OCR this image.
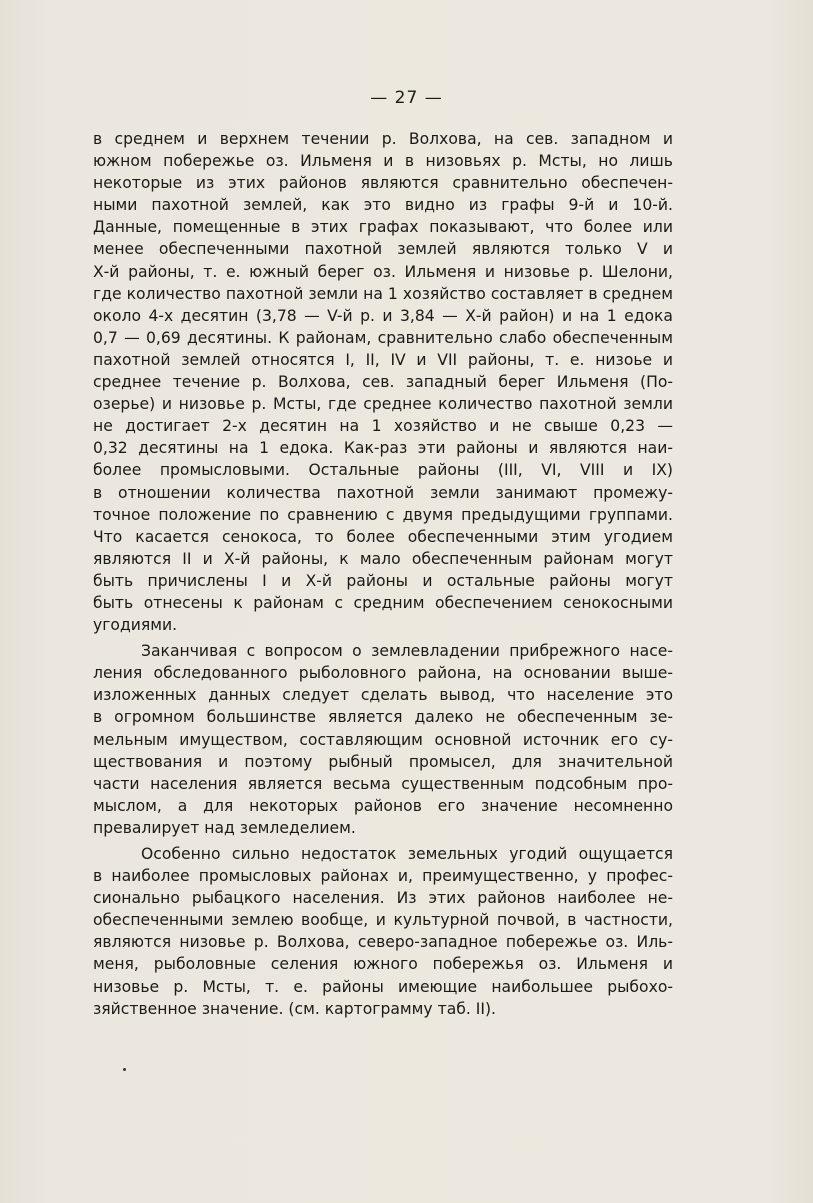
— 27 —

в среднем и верхнем течении р. Волхова, на сев. западном и
южном побережье оз. Ильменя и в низовьях р. Мсты, но лишь
некоторые из этих районов являются сравнительно обеспечен-
ными пахотной землей, как это видно из графы 9-й и 10-й.
Данные, помещенные в этих графах показывают, что более или
менее обеспеченными пахотной землей являются только V и
Х-й районы, т. е. южный берег оз. Ильменя и низовье р. Шелони,
где количество пахотной земли на 1 хозяйство составляет в среднем
около 4-х десятин (3,78 — V-й р. и 3,84 — Х-й район) и на 1 едока
0,7 — 0,69 десятины. К районам, сравнительно слабо обеспеченным
пахотной землей относятся I, II, IV и VII районы, т. е. низоье и
среднее течение р. Волхова, сев. западный берег Ильменя (По-
озерье) и низовье р. Мсты, где среднее количество пахотной земли
не достигает 2-х десятин на 1 хозяйство и не свыше 0,23 —
0,32 десятины на 1 едока. Как-раз эти районы и являются наи-
более промысловыми. Остальные районы (III, VI, VIII и IX)
в отношении количества пахотной земли занимают промежу-
точное положение по сравнению с двумя предыдущими группами.
Что касается сенокоса, то более обеспеченными этим угодием
являются II и Х-й районы, к мало обеспеченным районам могут
быть причислены I и Х-й районы и остальные районы могут
быть отнесены к районам с средним обеспечением сенокосными
угодиями.

Заканчивая с вопросом о землевладении прибрежного насе-
ления обследованного рыболовного района, на основании выше-
изложенных данных следует сделать вывод, что население это
в огромном большинстве является далеко не обеспеченным зе-
мельным имуществом, составляющим основной источник его су-
ществования и поэтому рыбный промысел, для значительной
части населения является весьма существенным подсобным про-
мыслом, а для некоторых районов его значение несомненно
превалирует над земледелием.

Особенно сильно недостаток земельных угодий ощущается
в наиболее промысловых районах и, преимущественно, у профес-
сионально рыбацкого населения. Из этих районов наиболее не-
обеспеченными землею вообще, и культурной почвой, в частности,
являются низовье р. Волхова, северо-западное побережье оз. Иль-
меня, рыболовные селения южного побережья оз. Ильменя и
низовье р. Мсты, т. е. районы имеющие наибольшее рыбохо-
зяйственное значение. (см. картограмму таб. II).
